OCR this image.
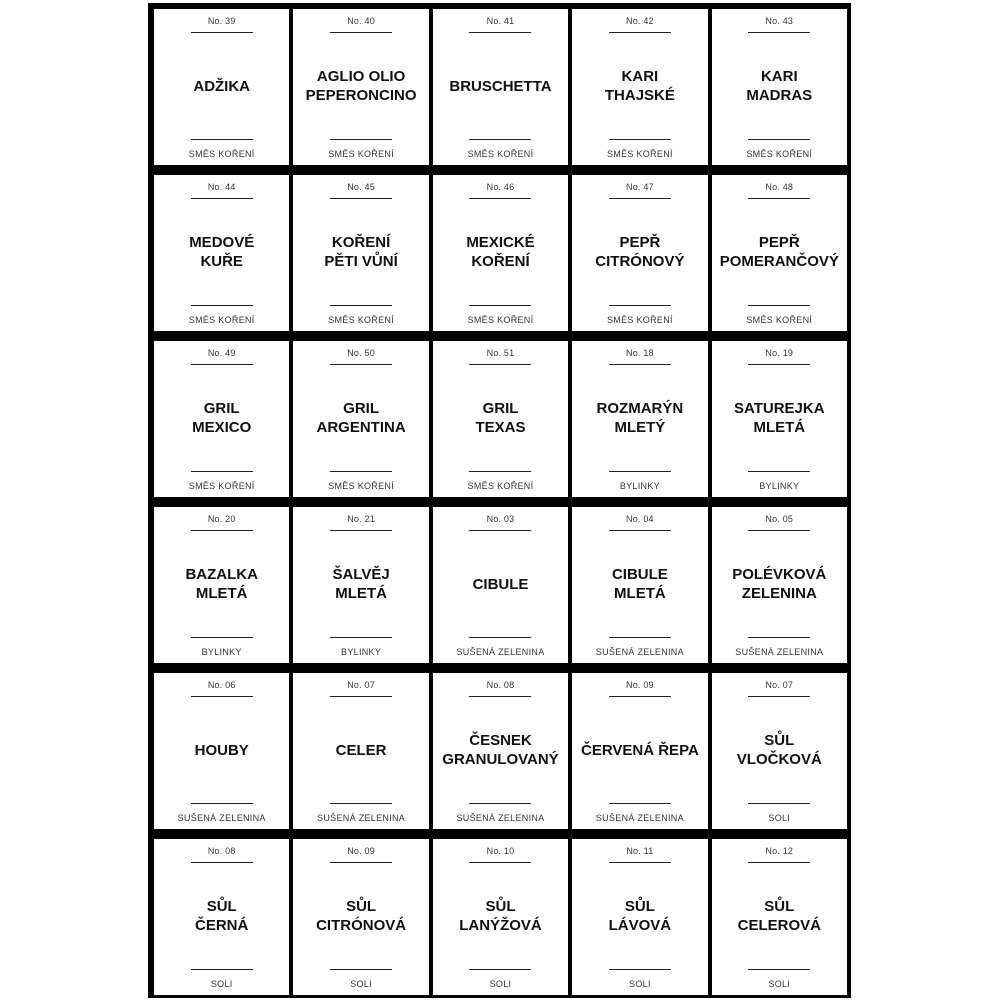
No. 39
ADŽIKA
SMĚS KOŘENÍ
No. 40
AGLIO OLIO
PEPERONCINO
SMĚS KOŘENÍ
No. 41
BRUSCHETTA
SMĚS KOŘENÍ
No. 42
KARI
THAJSKÉ
SMĚS KOŘENÍ
No. 43
KARI
MADRAS
SMĚS KOŘENÍ
No. 44
MEDOVÉ
KUŘE
SMĚS KOŘENÍ
No. 45
KOŘENÍ
PĚTI VŮNÍ
SMĚS KOŘENÍ
No. 46
MEXICKÉ
KOŘENÍ
SMĚS KOŘENÍ
No. 47
PEPŘ
CITRÓNOVÝ
SMĚS KOŘENÍ
No. 48
PEPŘ
POMERANČOVÝ
SMĚS KOŘENÍ
No. 49
GRIL
MEXICO
SMĚS KOŘENÍ
No. 50
GRIL
ARGENTINA
SMĚS KOŘENÍ
No. 51
GRIL
TEXAS
SMĚS KOŘENÍ
No. 18
ROZMARÝN
MLETÝ
BYLINKY
No. 19
SATUREJKA
MLETÁ
BYLINKY
No. 20
BAZALKA
MLETÁ
BYLINKY
No. 21
ŠALVĚJ
MLETÁ
BYLINKY
No. 03
CIBULE
SUŠENÁ ZELENINA
No. 04
CIBULE
MLETÁ
SUŠENÁ ZELENINA
No. 05
POLÉVKOVÁ
ZELENINA
SUŠENÁ ZELENINA
No. 06
HOUBY
SUŠENÁ ZELENINA
No. 07
CELER
SUŠENÁ ZELENINA
No. 08
ČESNEK
GRANULOVANÝ
SUŠENÁ ZELENINA
No. 09
ČERVENÁ ŘEPA
SUŠENÁ ZELENINA
No. 07
SŮL
VLOČKOVÁ
SOLI
No. 08
SŮL
ČERNÁ
SOLI
No. 09
SŮL
CITRÓNOVÁ
SOLI
No. 10
SŮL
LANÝŽOVÁ
SOLI
No. 11
SŮL
LÁVOVÁ
SOLI
No. 12
SŮL
CELEROVÁ
SOLI
